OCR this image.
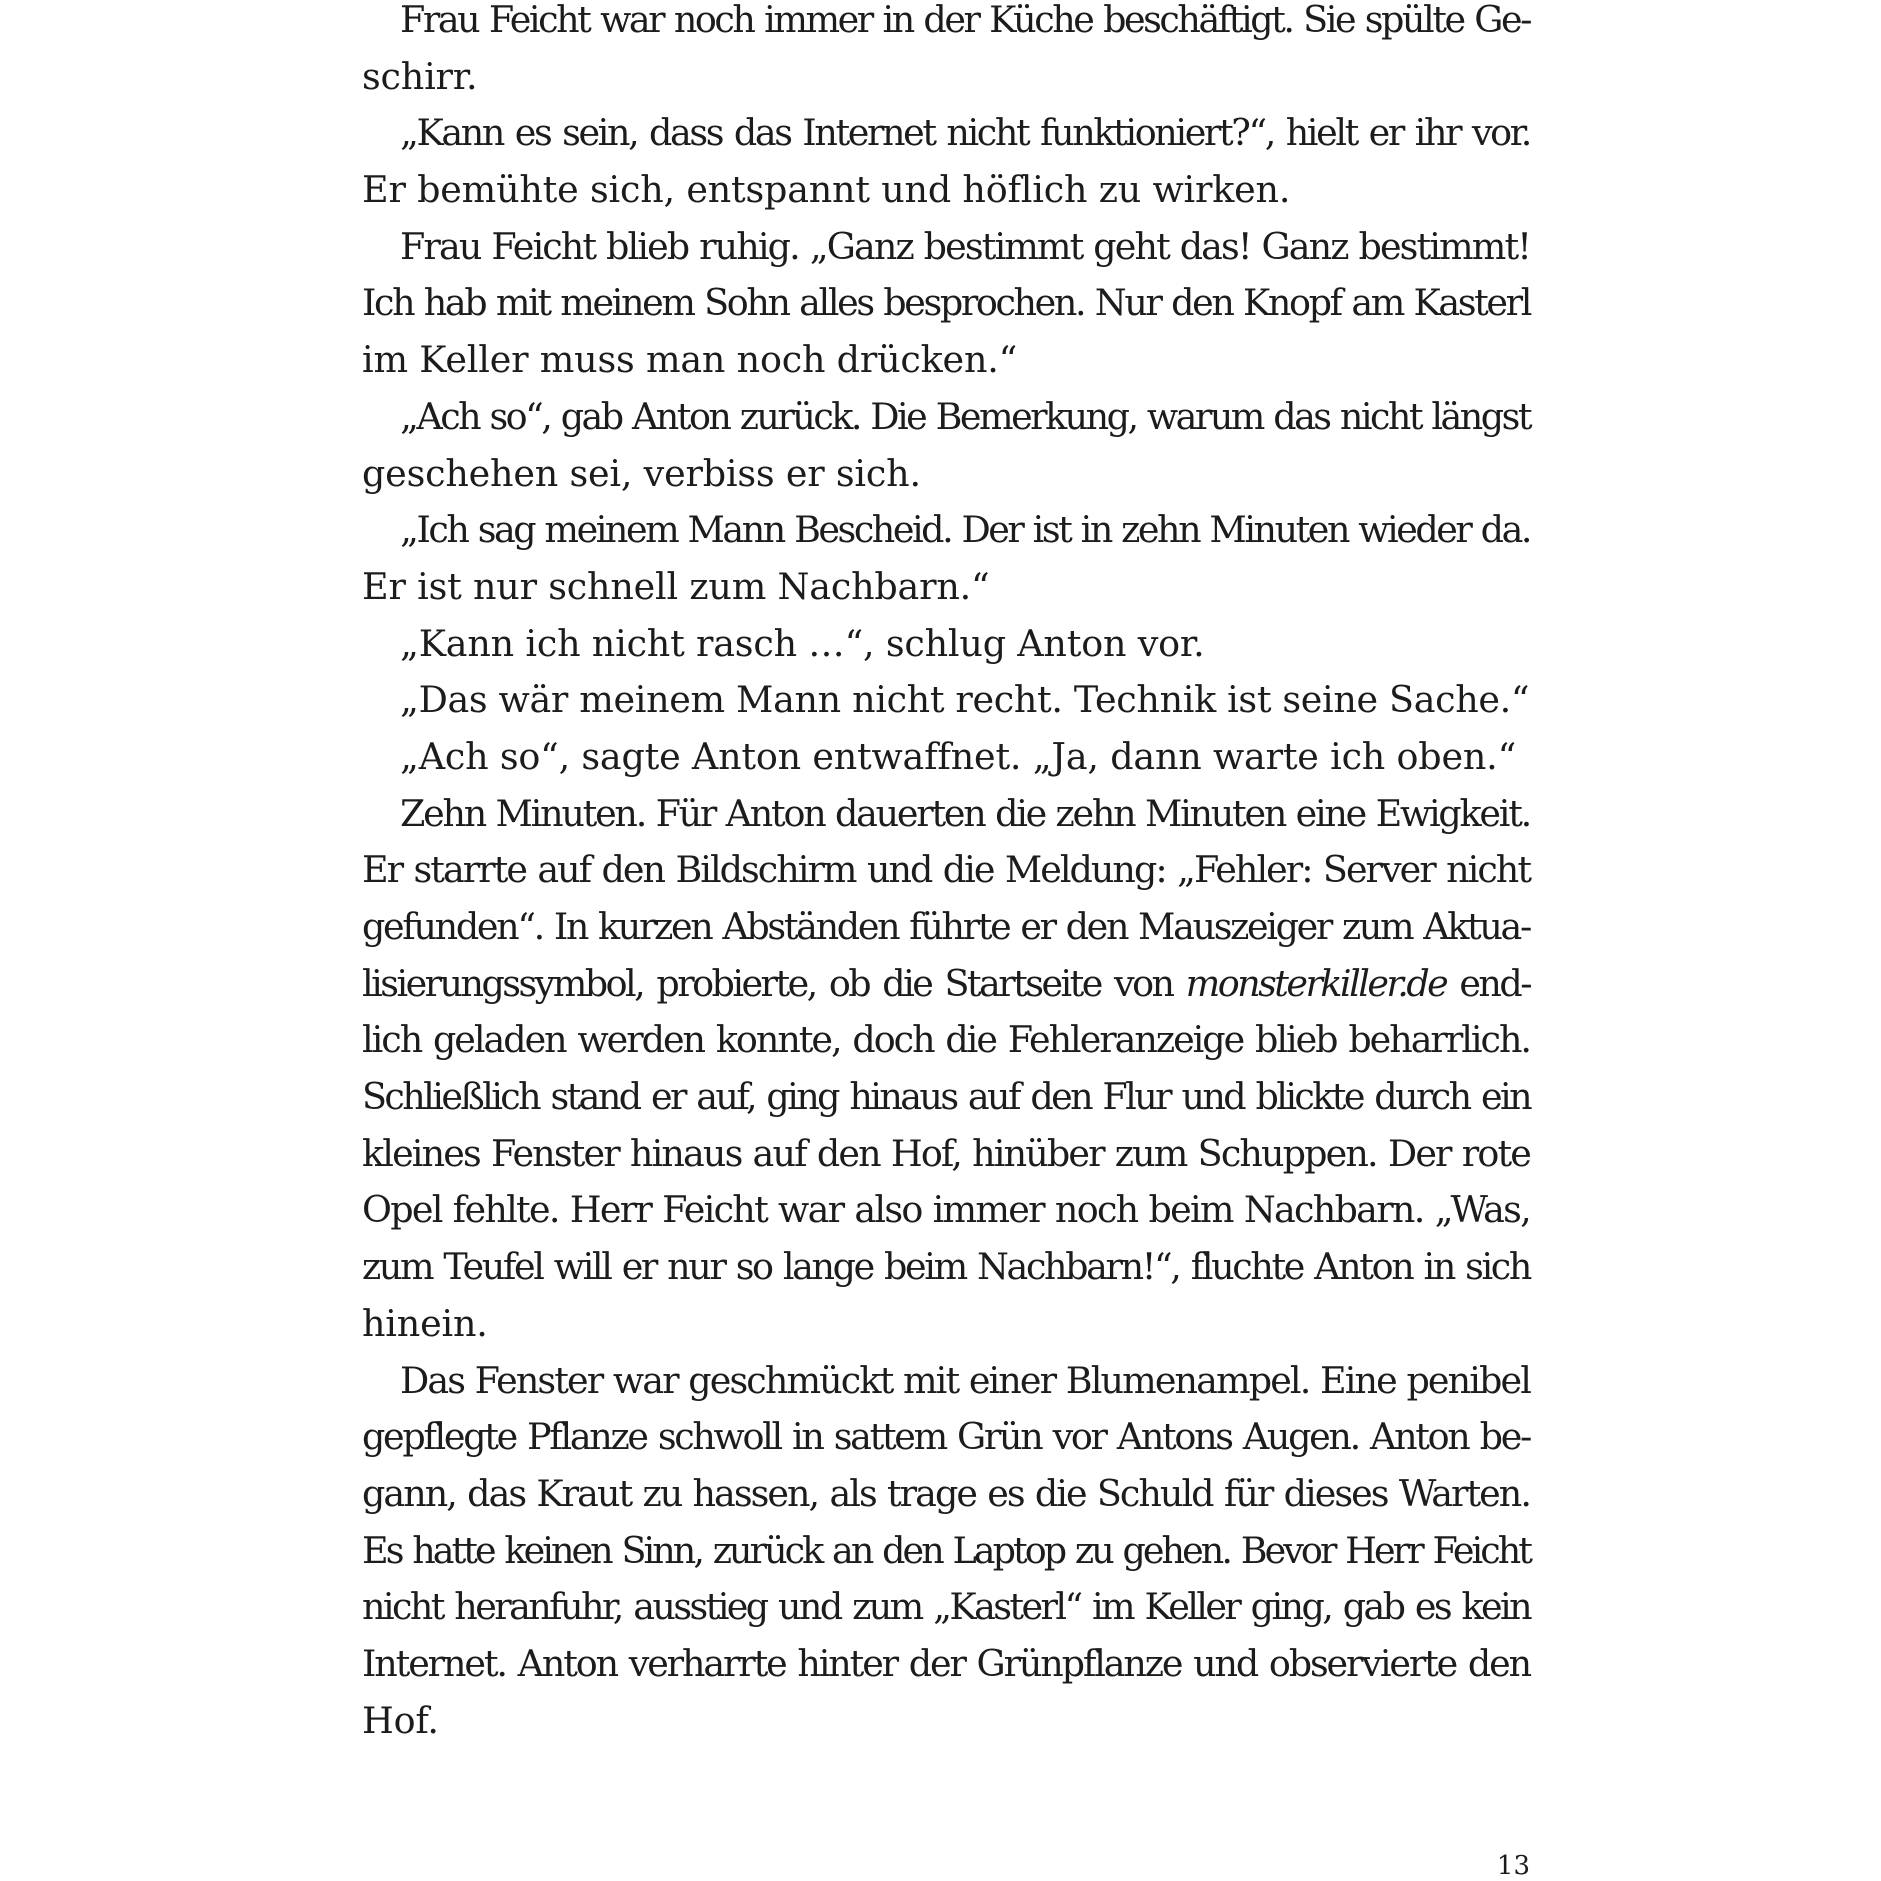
Frau Feicht war noch immer in der Küche beschäftigt. Sie spülte Ge-
schirr.
„Kann es sein, dass das Internet nicht funktioniert?“, hielt er ihr vor.
Er bemühte sich, entspannt und höflich zu wirken.
Frau Feicht blieb ruhig. „Ganz bestimmt geht das! Ganz bestimmt!
Ich hab mit meinem Sohn alles besprochen. Nur den Knopf am Kasterl
im Keller muss man noch drücken.“
„Ach so“, gab Anton zurück. Die Bemerkung, warum das nicht längst
geschehen sei, verbiss er sich.
„Ich sag meinem Mann Bescheid. Der ist in zehn Minuten wieder da.
Er ist nur schnell zum Nachbarn.“
„Kann ich nicht rasch …“, schlug Anton vor.
„Das wär meinem Mann nicht recht. Technik ist seine Sache.“
„Ach so“, sagte Anton entwaffnet. „Ja, dann warte ich oben.“
Zehn Minuten. Für Anton dauerten die zehn Minuten eine Ewigkeit.
Er starrte auf den Bildschirm und die Meldung: „Fehler: Server nicht
gefunden“. In kurzen Abständen führte er den Mauszeiger zum Aktua-
lisierungssymbol, probierte, ob die Startseite von monsterkiller.de end-
lich geladen werden konnte, doch die Fehleranzeige blieb beharrlich.
Schließlich stand er auf, ging hinaus auf den Flur und blickte durch ein
kleines Fenster hinaus auf den Hof, hinüber zum Schuppen. Der rote
Opel fehlte. Herr Feicht war also immer noch beim Nachbarn. „Was,
zum Teufel will er nur so lange beim Nachbarn!“, fluchte Anton in sich
hinein.
Das Fenster war geschmückt mit einer Blumenampel. Eine penibel
gepflegte Pflanze schwoll in sattem Grün vor Antons Augen. Anton be-
gann, das Kraut zu hassen, als trage es die Schuld für dieses Warten.
Es hatte keinen Sinn, zurück an den Laptop zu gehen. Bevor Herr Feicht
nicht heranfuhr, ausstieg und zum „Kasterl“ im Keller ging, gab es kein
Internet. Anton verharrte hinter der Grünpflanze und observierte den
Hof.
13
